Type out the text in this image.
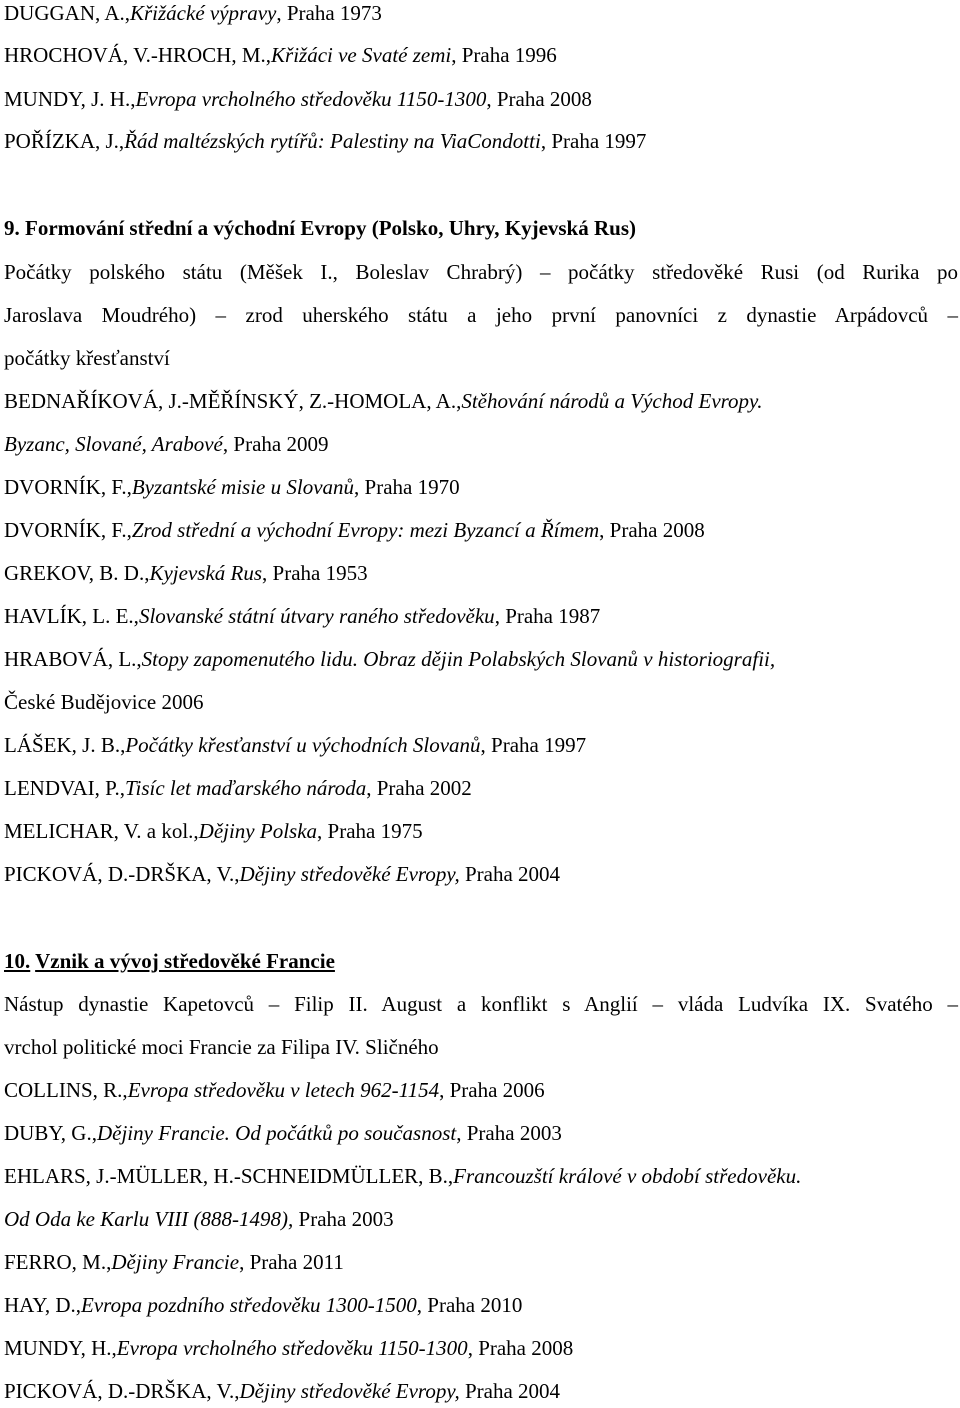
DUGGAN, A.,Křižácké výpravy, Praha 1973
HROCHOVÁ, V.-HROCH, M.,Křižáci ve Svaté zemi, Praha 1996
MUNDY, J. H.,Evropa vrcholného středověku 1150-1300, Praha 2008
POŘÍZKA, J.,Řád maltézských rytířů: Palestiny na ViaCondotti, Praha 1997
9. Formování střední a východní Evropy (Polsko, Uhry, Kyjevská Rus)
Počátky polského státu (Měšek I., Boleslav Chrabrý) – počátky středověké Rusi (od Rurika po
Jaroslava Moudrého) – zrod uherského státu a jeho první panovníci z dynastie Arpádovců –
počátky křesťanství
BEDNAŘÍKOVÁ, J.-MĚŘÍNSKÝ, Z.-HOMOLA, A.,Stěhování národů a Východ Evropy.
Byzanc, Slované, Arabové, Praha 2009
DVORNÍK, F.,Byzantské misie u Slovanů, Praha 1970
DVORNÍK, F.,Zrod střední a východní Evropy: mezi Byzancí a Římem, Praha 2008
GREKOV, B. D.,Kyjevská Rus, Praha 1953
HAVLÍK, L. E.,Slovanské státní útvary raného středověku, Praha 1987
HRABOVÁ, L.,Stopy zapomenutého lidu. Obraz dějin Polabských Slovanů v historiografii,
České Budějovice 2006
LÁŠEK, J. B.,Počátky křesťanství u východních Slovanů, Praha 1997
LENDVAI, P.,Tisíc let maďarského národa, Praha 2002
MELICHAR, V. a kol.,Dějiny Polska, Praha 1975
PICKOVÁ, D.-DRŠKA, V.,Dějiny středověké Evropy, Praha 2004
10. Vznik a vývoj středověké Francie
Nástup dynastie Kapetovců – Filip II. August a konflikt s Anglií – vláda Ludvíka IX. Svatého –
vrchol politické moci Francie za Filipa IV. Sličného
COLLINS, R.,Evropa středověku v letech 962-1154, Praha 2006
DUBY, G.,Dějiny Francie. Od počátků po současnost, Praha 2003
EHLARS, J.-MÜLLER, H.-SCHNEIDMÜLLER, B.,Francouzští králové v období středověku.
Od Oda ke Karlu VIII (888-1498), Praha 2003
FERRO, M.,Dějiny Francie, Praha 2011
HAY, D.,Evropa pozdního středověku 1300-1500, Praha 2010
MUNDY, H.,Evropa vrcholného středověku 1150-1300, Praha 2008
PICKOVÁ, D.-DRŠKA, V.,Dějiny středověké Evropy, Praha 2004
